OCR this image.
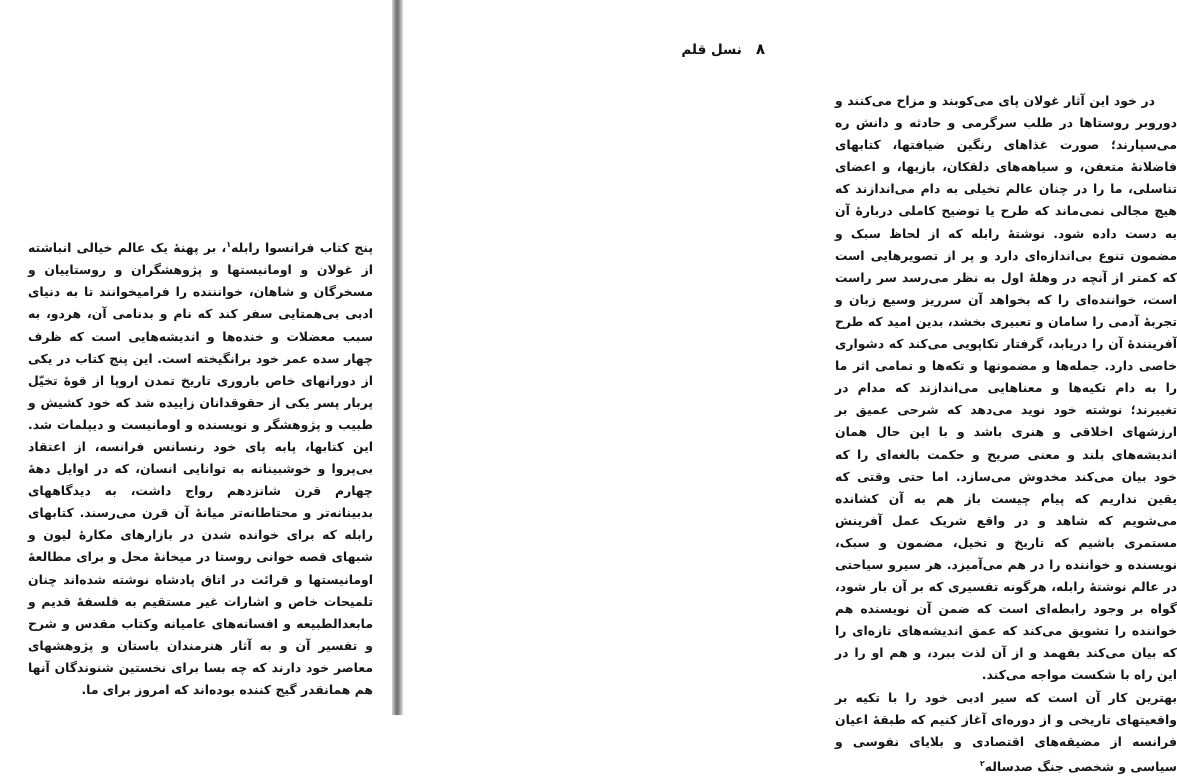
پنج کتاب فرانسوا رابله$^۱$، بر پهنهٔ یک عالم خیالی انباشته از غولان و اومانیستها و پژوهشگران و روستاییان و مسخرگان و شاهان، خوانننده را فرامیخوانند تا به دنیای ادبی بی‌همتایی سفر کند که نام و بدنامی آن، هردو، به سبب معضلات و خنده‌ها و اندیشه‌هایی است که ظرف چهار سده عمر خود برانگیخته است. این پنج کتاب در یکی از دورانهای خاص باروری تاریخ تمدن اروپا از قوهٔ تخیّل پربار پسر یکی از حقوقدانان زاییده شد که خود کشیش و طبیب و پژوهشگر و نویسنده و اومانیست و دیپلمات شد. این کتابها، پابه پای خود رنسانس فرانسه، از اعتقاد بی‌پروا و خوشبینانه به توانایی انسان، که در اوایل دهۀ چهارم قرن شانزدهم رواج داشت، به دیدگاههای بدبینانه‌تر و محتاطانه‌تر میانهٔ آن قرن می‌رسند. کتابهای رابله که برای خوانده شدن در بازارهای مکارهٔ لیون و شبهای قصه خوانی روستا در میخانهٔ محل و برای مطالعهٔ اومانیستها و قرائت در اتاق پادشاه نوشته شده‌اند چنان تلمیحات خاص و اشارات غیر مستقیم به فلسفهٔ قدیم و مابعدالطبیعه و افسانه‌های عامیانه وکتاب مقدس و شرح و تفسیر آن و به آثار هنرمندان باستان و پژوهشهای معاصر خود دارند که چه بسا برای نخستین شنوندگان آنها هم همانقدر گیج کننده بوده‌اند که امروز برای ما.
۸
نسل قلم
در خود این آثار غولان پای می‌کوبند و مزاح می‌کنند و دوروبر روستاها در طلب سرگرمی و حادثه و دانش ره می‌سپارند؛ صورت غذاهای رنگین ضیافتها، کتابهای فاضلانهٔ متعفن، و سیاهه‌های دلقکان، بازیها، و اعضای تناسلی، ما را در چنان عالم تخیلی به دام می‌اندازند که هیچ مجالی نمی‌ماند که طرح یا توضیح کاملی دربارهٔ آن به دست داده شود. نوشتهٔ رابله که از لحاظ سبک و مضمون تنوع بی‌اندازه‌ای دارد و پر از تصویرهایی است که کمتر از آنچه در وهلهٔ اول به نظر می‌رسد سر راست است، خواننده‌ای را که بخواهد آن سرریز وسیع زبان و تجربهٔ آدمی را سامان و تعبیری بخشد، بدین امید که طرح آفرینندهٔ آن را دریابد، گرفتار تکاپویی می‌کند که دشواری خاصی دارد. جمله‌ها و مضمونها و تکه‌ها و تمامی اثر ما را به دام تکیه‌ها و معناهایی می‌اندازند که مدام در تغییرند؛ نوشته خود نوید می‌دهد که شرحی عمیق بر ارزشهای اخلاقی و هنری باشد و با این حال همان اندیشه‌های بلند و معنی صریح و حکمت بالغه‌ای را که خود بیان می‌کند مخدوش می‌سازد. اما حتی وقتی که یقین نداریم که پیام چیست باز هم به آن کشانده می‌شویم که شاهد و در واقع شریک عمل آفرینش مستمری باشیم که تاریخ و تخیل، مضمون و سبک، نویسنده و خواننده را در هم می‌آمیزد. هر سیرو سیاحتی در عالم نوشتهٔ رابله، هرگونه تفسیری که بر آن بار شود، گواه بر وجود رابطه‌ای است که ضمن آن نویسنده هم خواننده را تشویق می‌کند که عمق اندیشه‌های تازه‌ای را که بیان می‌کند بفهمد و از آن لذت ببرد، و هم او را در این راه با شکست مواجه می‌کند.
بهترین کار آن است که سیر ادبی خود را با تکیه بر واقعیتهای تاریخی و از دوره‌ای آغاز کنیم که طبقهٔ اعیان فرانسه از مضیقه‌های اقتصادی و بلایای نفوسی و سیاسی و شخصی جنگ صدساله$^۲$
